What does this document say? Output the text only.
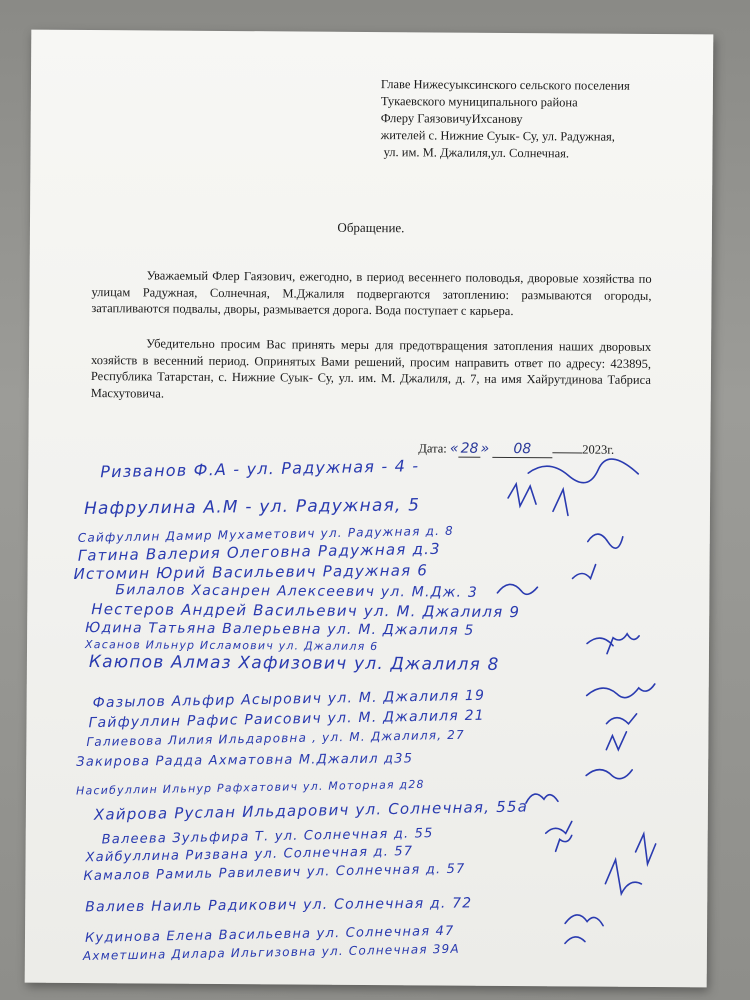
Главе Нижесуыксинского сельского поселения
Тукаевского муниципального района
Флеру ГаязовичуИхсанову
жителей с. Нижние Суык- Су, ул. Радужная,
ул. им. М. Джалиля,ул. Солнечная.
Обращение.
Уважаемый Флер Гаязович, ежегодно, в период весеннего половодья, дворовые хозяйства по улицам Радужная, Солнечная, М.Джалиля подвергаются затоплению: размываются огороды, затапливаются подвалы, дворы, размывается дорога. Вода поступает с карьера.
Убедительно просим Вас принять меры для предотвращения затопления наших дворовых хозяйств в весенний период. Опринятых Вами решений, просим направить ответ по адресу: 423895, Республика Татарстан, с. Нижние Суык- Су, ул. им. М. Джалиля, д. 7, на имя Хайрутдинова Табриса Масхутовича.
Дата: « 28 » 08	2023г.
Ризванов Ф.А - ул. Радужная - 4 -
Нафрулина А.М - ул. Радужная, 5
Сайфуллин Дамир Мухаметович ул. Радужная д. 8
Гатина Валерия Олеговна Радужная д.3
Истомин Юрий Васильевич Радужная 6
Билалов Хасанрен Алексеевич ул. М.Дж. 3
Нестеров Андрей Васильевич ул. М. Джалиля 9
Юдина Татьяна Валерьевна ул. М. Джалиля 5
Хасанов Ильнур Исламович ул. Джалиля 6
Каюпов Алмаз Хафизович ул. Джалиля 8
Фазылов Альфир Асырович ул. М. Джалиля 19
Гайфуллин Рафис Раисович ул. М. Джалиля 21
Галиевова Лилия Ильдаровна , ул. М. Джалиля, 27
Закирова Радда Ахматовна М.Джалил д35
Насибуллин Ильнур Рафхатович ул. Моторная д28
Хайрова Руслан Ильдарович ул. Солнечная, 55а
Валеева Зульфира Т. ул. Солнечная д. 55
Хайбуллина Ризвана ул. Солнечная д. 57
Камалов Рамиль Равилевич ул. Солнечная д. 57
Валиев Наиль Радикович ул. Солнечная д. 72
Кудинова Елена Васильевна ул. Солнечная 47
Ахметшина Дилара Ильгизовна ул. Солнечная 39А
